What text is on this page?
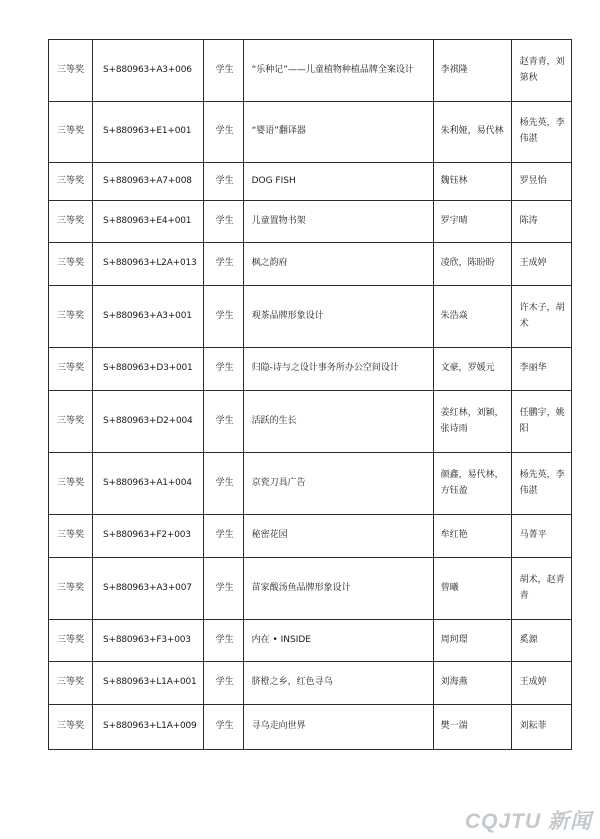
三等奖	S+880963+A3+006	学生	“乐种记”——儿童植物种植品牌全案设计	李祺隆	赵青青，刘第秋
三等奖	S+880963+E1+001	学生	“婴语”翻译器	朱利娅，易代林	杨先英，李伟湛
三等奖	S+880963+A7+008	学生	DOG FISH	魏钰林	罗昱怡
三等奖	S+880963+E4+001	学生	儿童置物书架	罗宇晴	陈涛
三等奖	S+880963+L2A+013	学生	枫之韵府	凌欣，陈盼盼	王成婷
三等奖	S+880963+A3+001	学生	观茶品牌形象设计	朱浩焱	许木子，胡术
三等奖	S+880963+D3+001	学生	归隐-诗与之设计事务所办公空间设计	文豪，罗媛元	李丽华
三等奖	S+880963+D2+004	学生	活跃的生长	姜红林，刘颖，张诗雨	任鹏宇，姚阳
三等奖	S+880963+A1+004	学生	京瓷刀具广告	颜鑫，易代林，方钰盈	杨先英，李伟湛
三等奖	S+880963+F2+003	学生	秘密花园	牟红艳	马菁平
三等奖	S+880963+A3+007	学生	苗家酸汤鱼品牌形象设计	曾曦	胡术，赵青青
三等奖	S+880963+F3+003	学生	内在 • INSIDE	周珂璟	奚源
三等奖	S+880963+L1A+001	学生	脐橙之乡，红色寻乌	刘海燕	王成婷
三等奖	S+880963+L1A+009	学生	寻乌走向世界	樊一湍	刘耘菲
CQJTU 新闻
